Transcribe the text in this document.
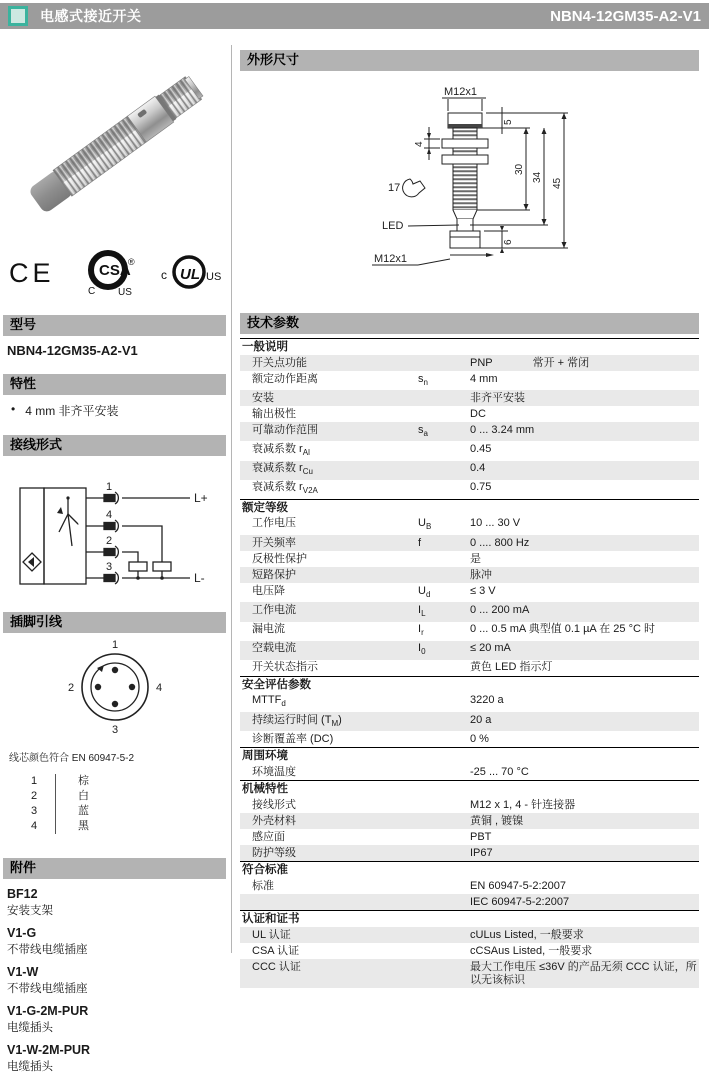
电感式接近开关	NBN4-12GM35-A2-V1
CE	CSA
®
C US
UL
c	US
型号
NBN4-12GM35-A2-V1
特性
• 4 mm 非齐平安装
接线形式
1
4
2
3
L+
L-
插脚引线
1
4
3
2
线芯颜色符合 EN 60947-5-2
1	棕
2	白
3	蓝
4	黑
附件
BF12
安装支架
V1-G
不带线电缆插座
V1-W
不带线电缆插座
V1-G-2M-PUR
电缆插头
V1-W-2M-PUR
电缆插头
外形尺寸
M12x1
5
4
30
34
45
6
17
LED
M12x1
技术参数
一般说明
开关点功能	PNP	常开 + 常闭
额定动作距离	$s_n$	4 mm
安装	非齐平安装
输出极性	DC
可靠动作范围	$s_a$	0 ... 3.24 mm
衰减系数 $r_{Al}$	0.45
衰减系数 $r_{Cu}$	0.4
衰减系数 $r_{V2A}$	0.75
额定等级
工作电压	$U_B$	10 ... 30 V
开关频率	f	0 .... 800 Hz
反极性保护	是
短路保护	脉冲
电压降	$U_d$	≤ 3 V
工作电流	$I_L$	0 ... 200 mA
漏电流	$I_r$	0 ... 0.5 mA 典型值 0.1 µA 在 25 °C 时
空载电流	$I_0$	≤ 20 mA
开关状态指示	黄色 LED 指示灯
安全评估参数
$MTTF_d$	3220 a
持续运行时间 $(T_M)$	20 a
诊断覆盖率 (DC)	0 %
周围环境
环境温度	-25 ... 70 °C
机械特性
接线形式	M12 x 1, 4 - 针连接器
外壳材料	黄铜 , 镀镍
感应面	PBT
防护等级	IP67
符合标准
标准	EN 60947-5-2:2007
IEC 60947-5-2:2007
认证和证书
UL 认证	cULus Listed, 一般要求
CSA 认证	cCSAus Listed, 一般要求
CCC 认证	最大工作电压 ≤36V 的产品无须 CCC 认证，所以无该标识
